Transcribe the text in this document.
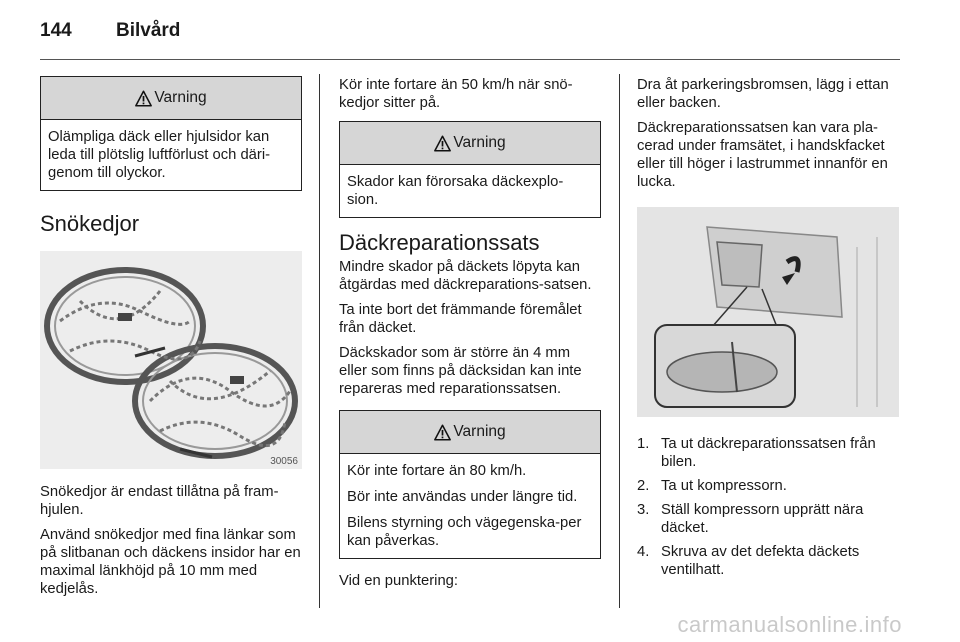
144 Bilvård
Varning

Olämpliga däck eller hjulsidor kan leda till plötslig luftförlust och däri-genom till olyckor.

Snökedjor
30056

Snökedjor är endast tillåtna på fram-hjulen.

Använd snökedjor med fina länkar som på slitbanan och däckens insidor har en maximal länkhöjd på 10 mm med kedjelås.

Kör inte fortare än 50 km/h när snö-kedjor sitter på.

Varning

Skador kan förorsaka däckexplo-sion.

Däckreparationssats

Mindre skador på däckets löpyta kan åtgärdas med däckreparations-satsen.

Ta inte bort det främmande föremålet från däcket.

Däckskador som är större än 4 mm eller som finns på däcksidan kan inte repareras med reparationssatsen.

Varning

Kör inte fortare än 80 km/h.

Bör inte användas under längre tid.

Bilens styrning och vägegenska-per kan påverkas.

Vid en punktering:

Dra åt parkeringsbromsen, lägg i ettan eller backen.

Däckreparationssatsen kan vara pla-cerad under framsätet, i handskfacket eller till höger i lastrummet innanför en lucka.

1. Ta ut däckreparationssatsen från bilen.
2. Ta ut kompressorn.
3. Ställ kompressorn upprätt nära däcket.
4. Skruva av det defekta däckets ventilhatt.
carmanualsonline.info
